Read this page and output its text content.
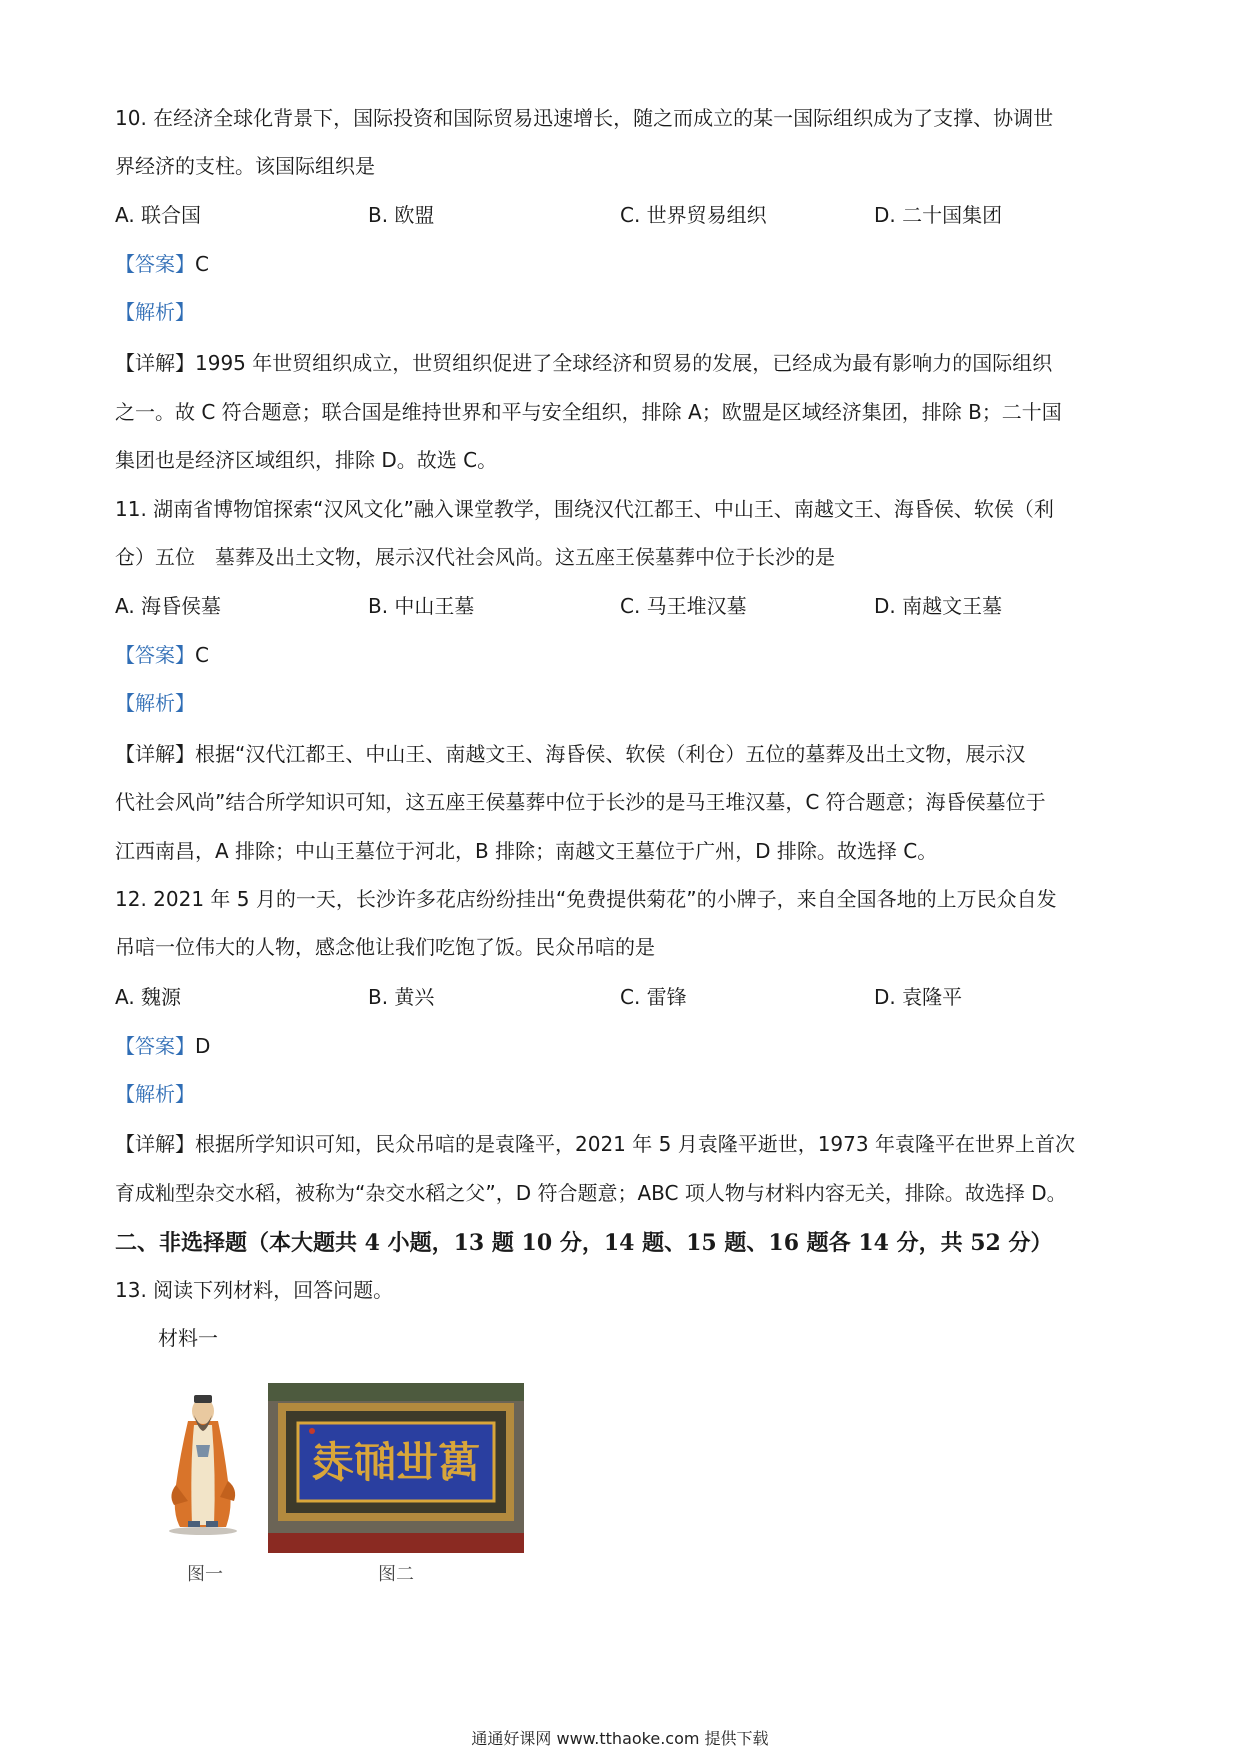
10. 在经济全球化背景下，国际投资和国际贸易迅速增长，随之而成立的某一国际组织成为了支撑、协调世
界经济的支柱。该国际组织是
A. 联合国	B. 欧盟	C. 世界贸易组织	D. 二十国集团
【答案】C
【解析】
【详解】1995 年世贸组织成立，世贸组织促进了全球经济和贸易的发展，已经成为最有影响力的国际组织
之一。故 C 符合题意；联合国是维持世界和平与安全组织，排除 A；欧盟是区域经济集团，排除 B；二十国
集团也是经济区域组织，排除 D。故选 C。
11. 湖南省博物馆探索“汉风文化”融入课堂教学，围绕汉代江都王、中山王、南越文王、海昏侯、软侯（利
仓）五位　墓葬及出土文物，展示汉代社会风尚。这五座王侯墓葬中位于长沙的是
A. 海昏侯墓	B. 中山王墓	C. 马王堆汉墓	D. 南越文王墓
【答案】C
【解析】
【详解】根据“汉代江都王、中山王、南越文王、海昏侯、软侯（利仓）五位的墓葬及出土文物，展示汉
代社会风尚”结合所学知识可知，这五座王侯墓葬中位于长沙的是马王堆汉墓，C 符合题意；海昏侯墓位于
江西南昌，A 排除；中山王墓位于河北，B 排除；南越文王墓位于广州，D 排除。故选择 C。
12. 2021 年 5 月的一天，长沙许多花店纷纷挂出“免费提供菊花”的小牌子，来自全国各地的上万民众自发
吊唁一位伟大的人物，感念他让我们吃饱了饭。民众吊唁的是
A. 魏源	B. 黄兴	C. 雷锋	D. 袁隆平
【答案】D
【解析】
【详解】根据所学知识可知，民众吊唁的是袁隆平，2021 年 5 月袁隆平逝世，1973 年袁隆平在世界上首次
育成籼型杂交水稻，被称为“杂交水稻之父”，D 符合题意；ABC 项人物与材料内容无关，排除。故选择 D。
二、非选择题（本大题共 4 小题，13 题 10 分，14 题、15 题、16 题各 14 分，共 52 分）
13. 阅读下列材料，回答问题。
材料一
萬世師表
图一	图二
通通好课网 www.tthaoke.com 提供下载
